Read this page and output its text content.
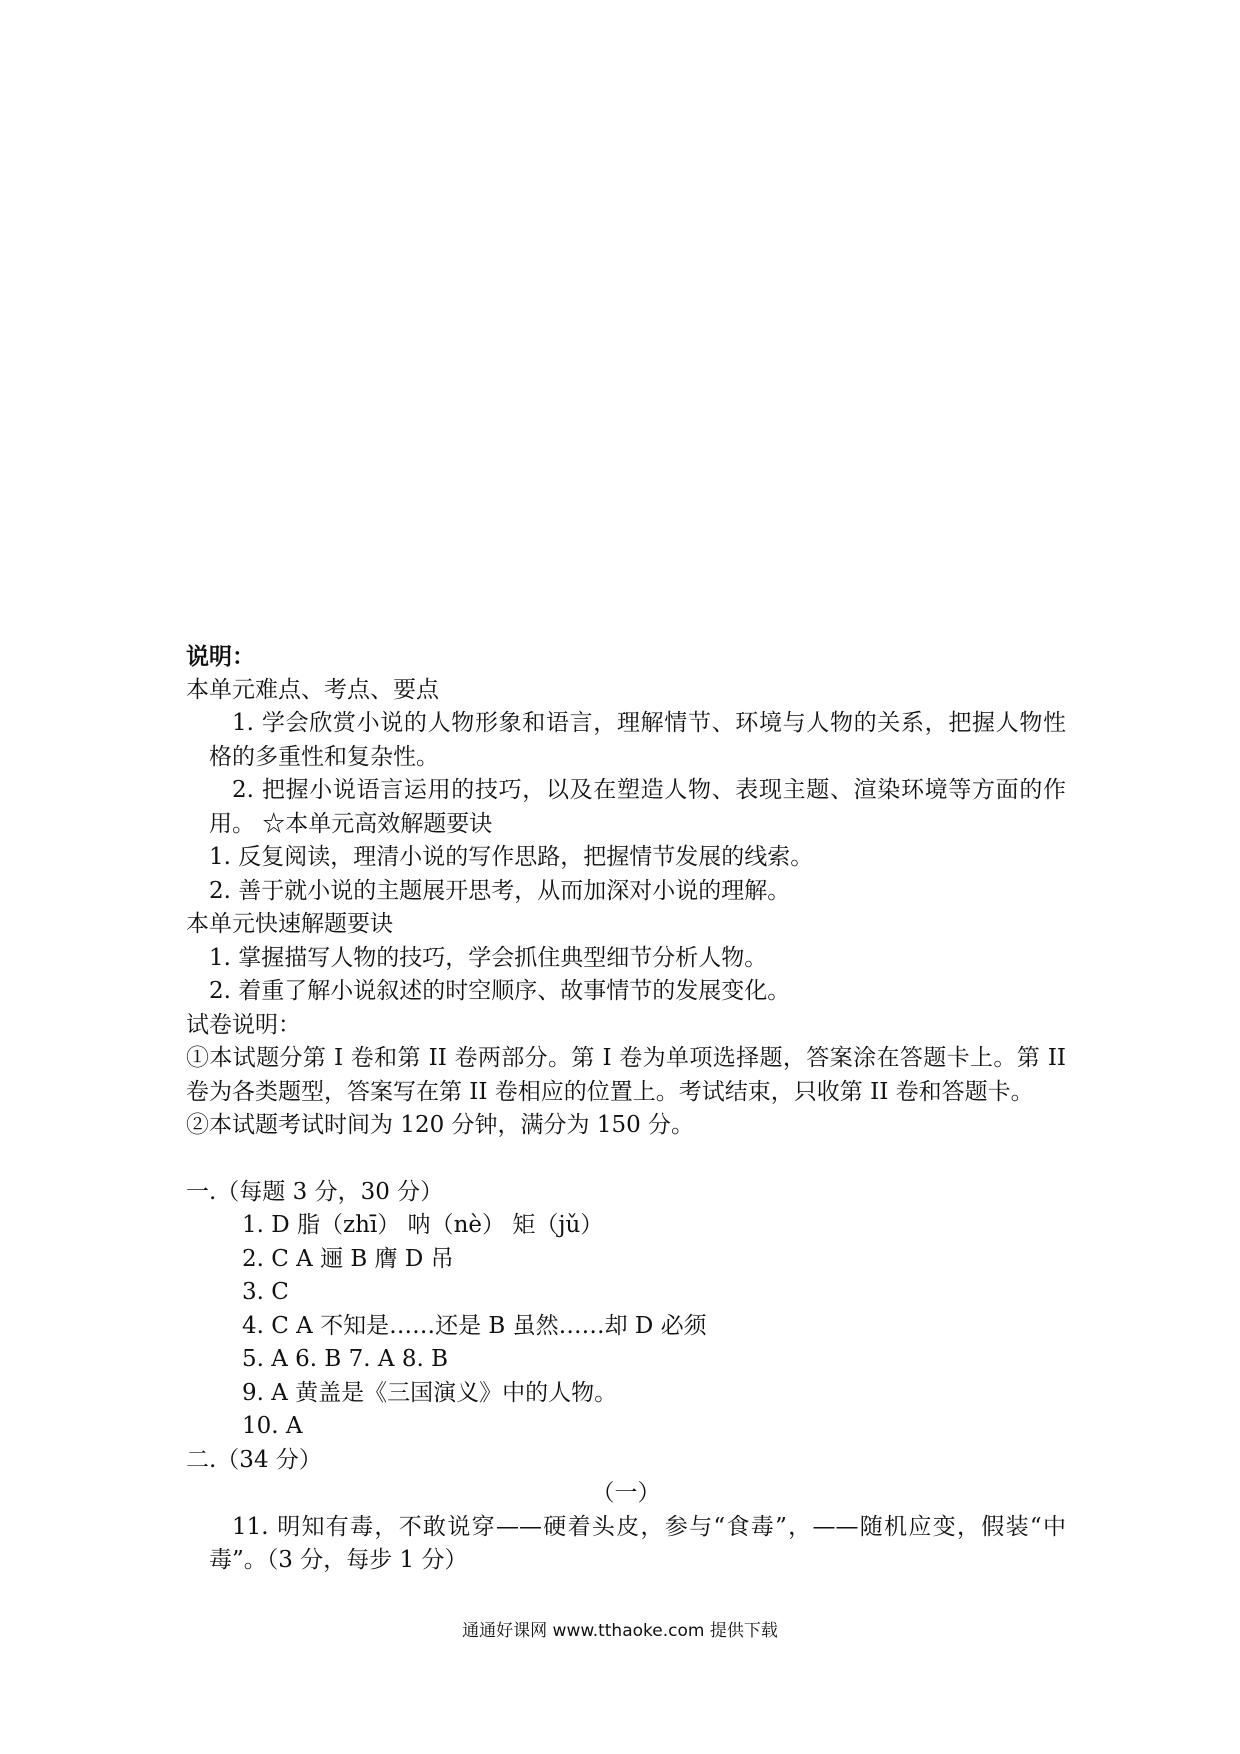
说明：
本单元难点、考点、要点
1. 学会欣赏小说的人物形象和语言，理解情节、环境与人物的关系，把握人物性格的多重性和复杂性。
2. 把握小说语言运用的技巧，以及在塑造人物、表现主题、渲染环境等方面的作用。 ☆本单元高效解题要诀
1. 反复阅读，理清小说的写作思路，把握情节发展的线索。
2. 善于就小说的主题展开思考，从而加深对小说的理解。
本单元快速解题要诀
1. 掌握描写人物的技巧，学会抓住典型细节分析人物。
2. 着重了解小说叙述的时空顺序、故事情节的发展变化。
试卷说明：
①本试题分第 I 卷和第 II 卷两部分。第 I 卷为单项选择题，答案涂在答题卡上。第 II 卷为各类题型，答案写在第 II 卷相应的位置上。考试结束，只收第 II 卷和答题卡。
②本试题考试时间为 120 分钟，满分为 150 分。
一.（每题 3 分，30 分）
1. D 脂（zhī） 呐（nè） 矩（jǔ）
2. C A 逦 B 膺 D 吊
3. C
4. C A 不知是……还是 B 虽然……却 D 必须
5. A 6. B 7. A 8. B
9. A 黄盖是《三国演义》中的人物。
10. A
二.（34 分）
（一）
11. 明知有毒，不敢说穿——硬着头皮，参与“食毒”，——随机应变，假装“中毒”。（3 分，每步 1 分）
通通好课网 www.tthaoke.com 提供下载
